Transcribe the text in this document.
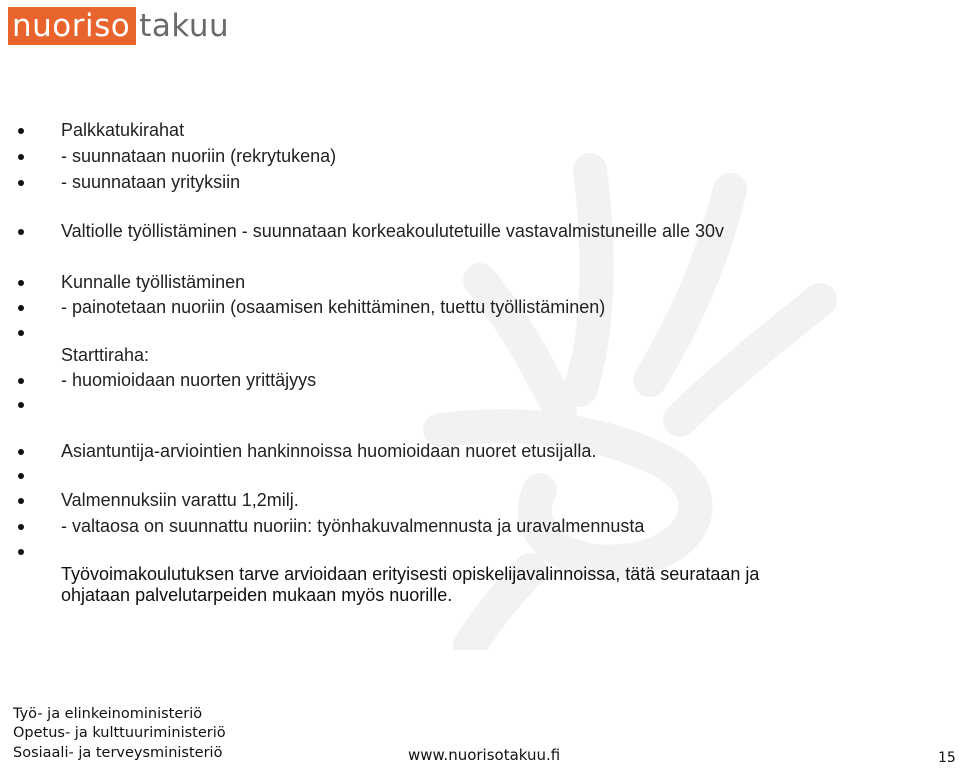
nuoriso takuu
Palkkatukirahat
- suunnataan nuoriin (rekrytukena)
- suunnataan yrityksiin
Valtiolle työllistäminen - suunnataan korkeakoulutetuille vastavalmistuneille alle 30v
Kunnalle työllistäminen
- painotetaan nuoriin (osaamisen kehittäminen, tuettu työllistäminen)
Starttiraha:
- huomioidaan nuorten yrittäjyys
Asiantuntija-arviointien hankinnoissa huomioidaan nuoret etusijalla.
Valmennuksiin varattu 1,2milj.
- valtaosa on suunnattu nuoriin: työnhakuvalmennusta ja uravalmennusta
Työvoimakoulutuksen tarve arvioidaan erityisesti opiskelijavalinnoissa, tätä seurataan ja
ohjataan palvelutarpeiden mukaan myös nuorille.
Työ- ja elinkeinoministeriö
Opetus- ja kulttuuriministeriö
Sosiaali- ja terveysministeriö	www.nuorisotakuu.fi	15
